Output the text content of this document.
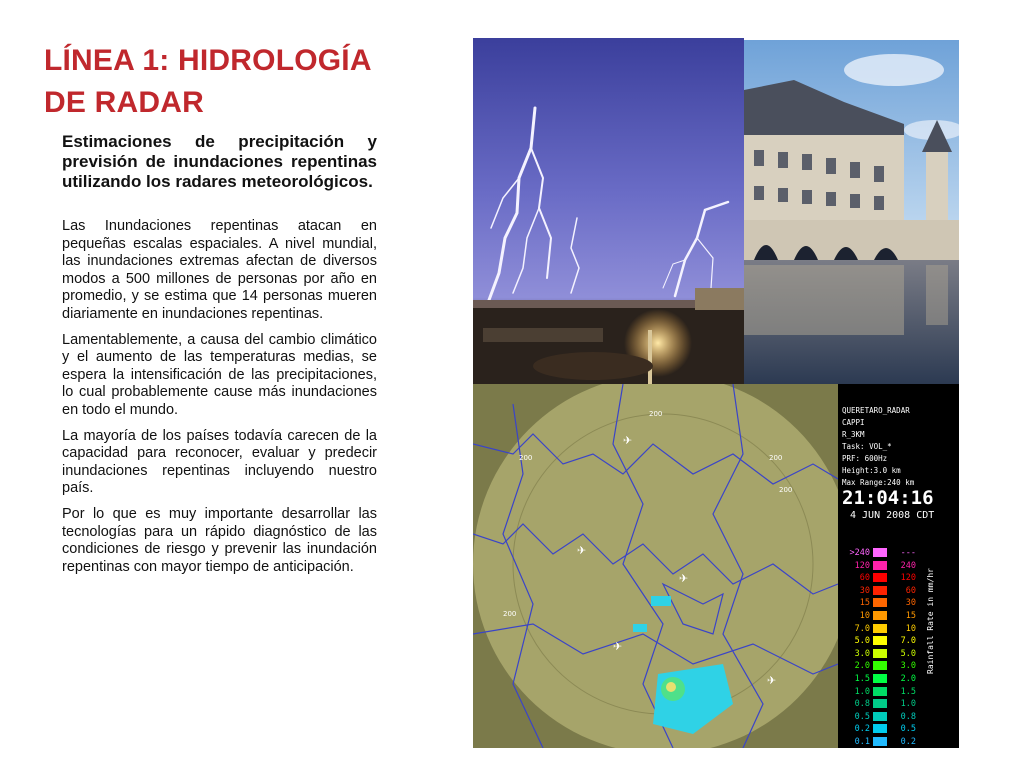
LÍNEA 1: HIDROLOGÍA
DE RADAR

Estimaciones de precipitación y previsión de inundaciones repentinas utilizando los radares meteorológicos.

Las Inundaciones repentinas atacan en pequeñas escalas espaciales. A nivel mundial, las inundaciones extremas afectan de diversos modos a 500 millones de personas por año en promedio, y se estima que 14 personas mueren diariamente en inundaciones repentinas.

Lamentablemente, a causa del cambio climático y el aumento de las temperaturas medias, se espera la intensificación de las precipitaciones, lo cual probablemente cause más inundaciones en todo el mundo.

La mayoría de los países todavía carecen de la capacidad para reconocer, evaluar y predecir inundaciones repentinas incluyendo nuestro país.

Por lo que es muy importante desarrollar las tecnologías para un rápido diagnóstico de las condiciones de riesgo y prevenir las inundación repentinas con mayor tiempo de anticipación.

200
200
200
200
200
✈
✈
✈
✈
✈
QUERETARO_RADAR
CAPPI
R_3KM
Task: VOL_*
PRF: 600Hz
Height:3.0 km
Max Range:240 km
21:04:16
4 JUN 2008 CDT
>240	---
120	240
60	120
30	60
15	30
10	15
7.0	10
5.0	7.0
3.0	5.0
2.0	3.0
1.5	2.0
1.0	1.5
0.8	1.0
0.5	0.8
0.2	0.5
0.1	0.2
Rainfall Rate in mm/hr
